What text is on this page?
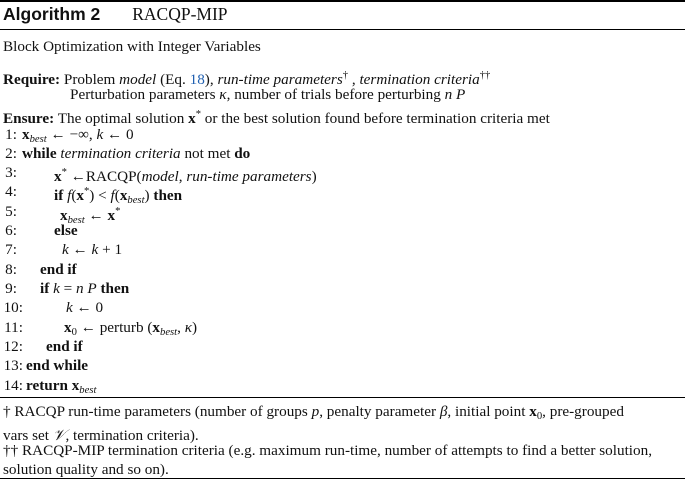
Algorithm 2 RACQP-MIP
Block Optimization with Integer Variables
Require: Problem model (Eq. 18), run-time parameters† , termination criteria††
Perturbation parameters κ, number of trials before perturbing n P
Ensure: The optimal solution x* or the best solution found before termination criteria met
1:
2:
3:
4:
5:
6:
7:
8:
9:
10:
11:
12:
13:
14:
$x_{best}$ ← −∞, k ← 0
while termination criteria not met do
x* ←RACQP(model, run-time parameters)
if $f(x^*) < f(x_{best})$ then
$x_{best}$ ← x*
else
k ← k + 1
end if
if k = n P then
k ← 0
$x_0$ ← perturb ($x_{best}$, κ)
end if
end while
return $x_{best}$
† RACQP run-time parameters (number of groups p, penalty parameter β, initial point $x_0$, pre-grouped
vars set 𝒱, termination criteria).
†† RACQP-MIP termination criteria (e.g. maximum run-time, number of attempts to find a better solution,
solution quality and so on).
